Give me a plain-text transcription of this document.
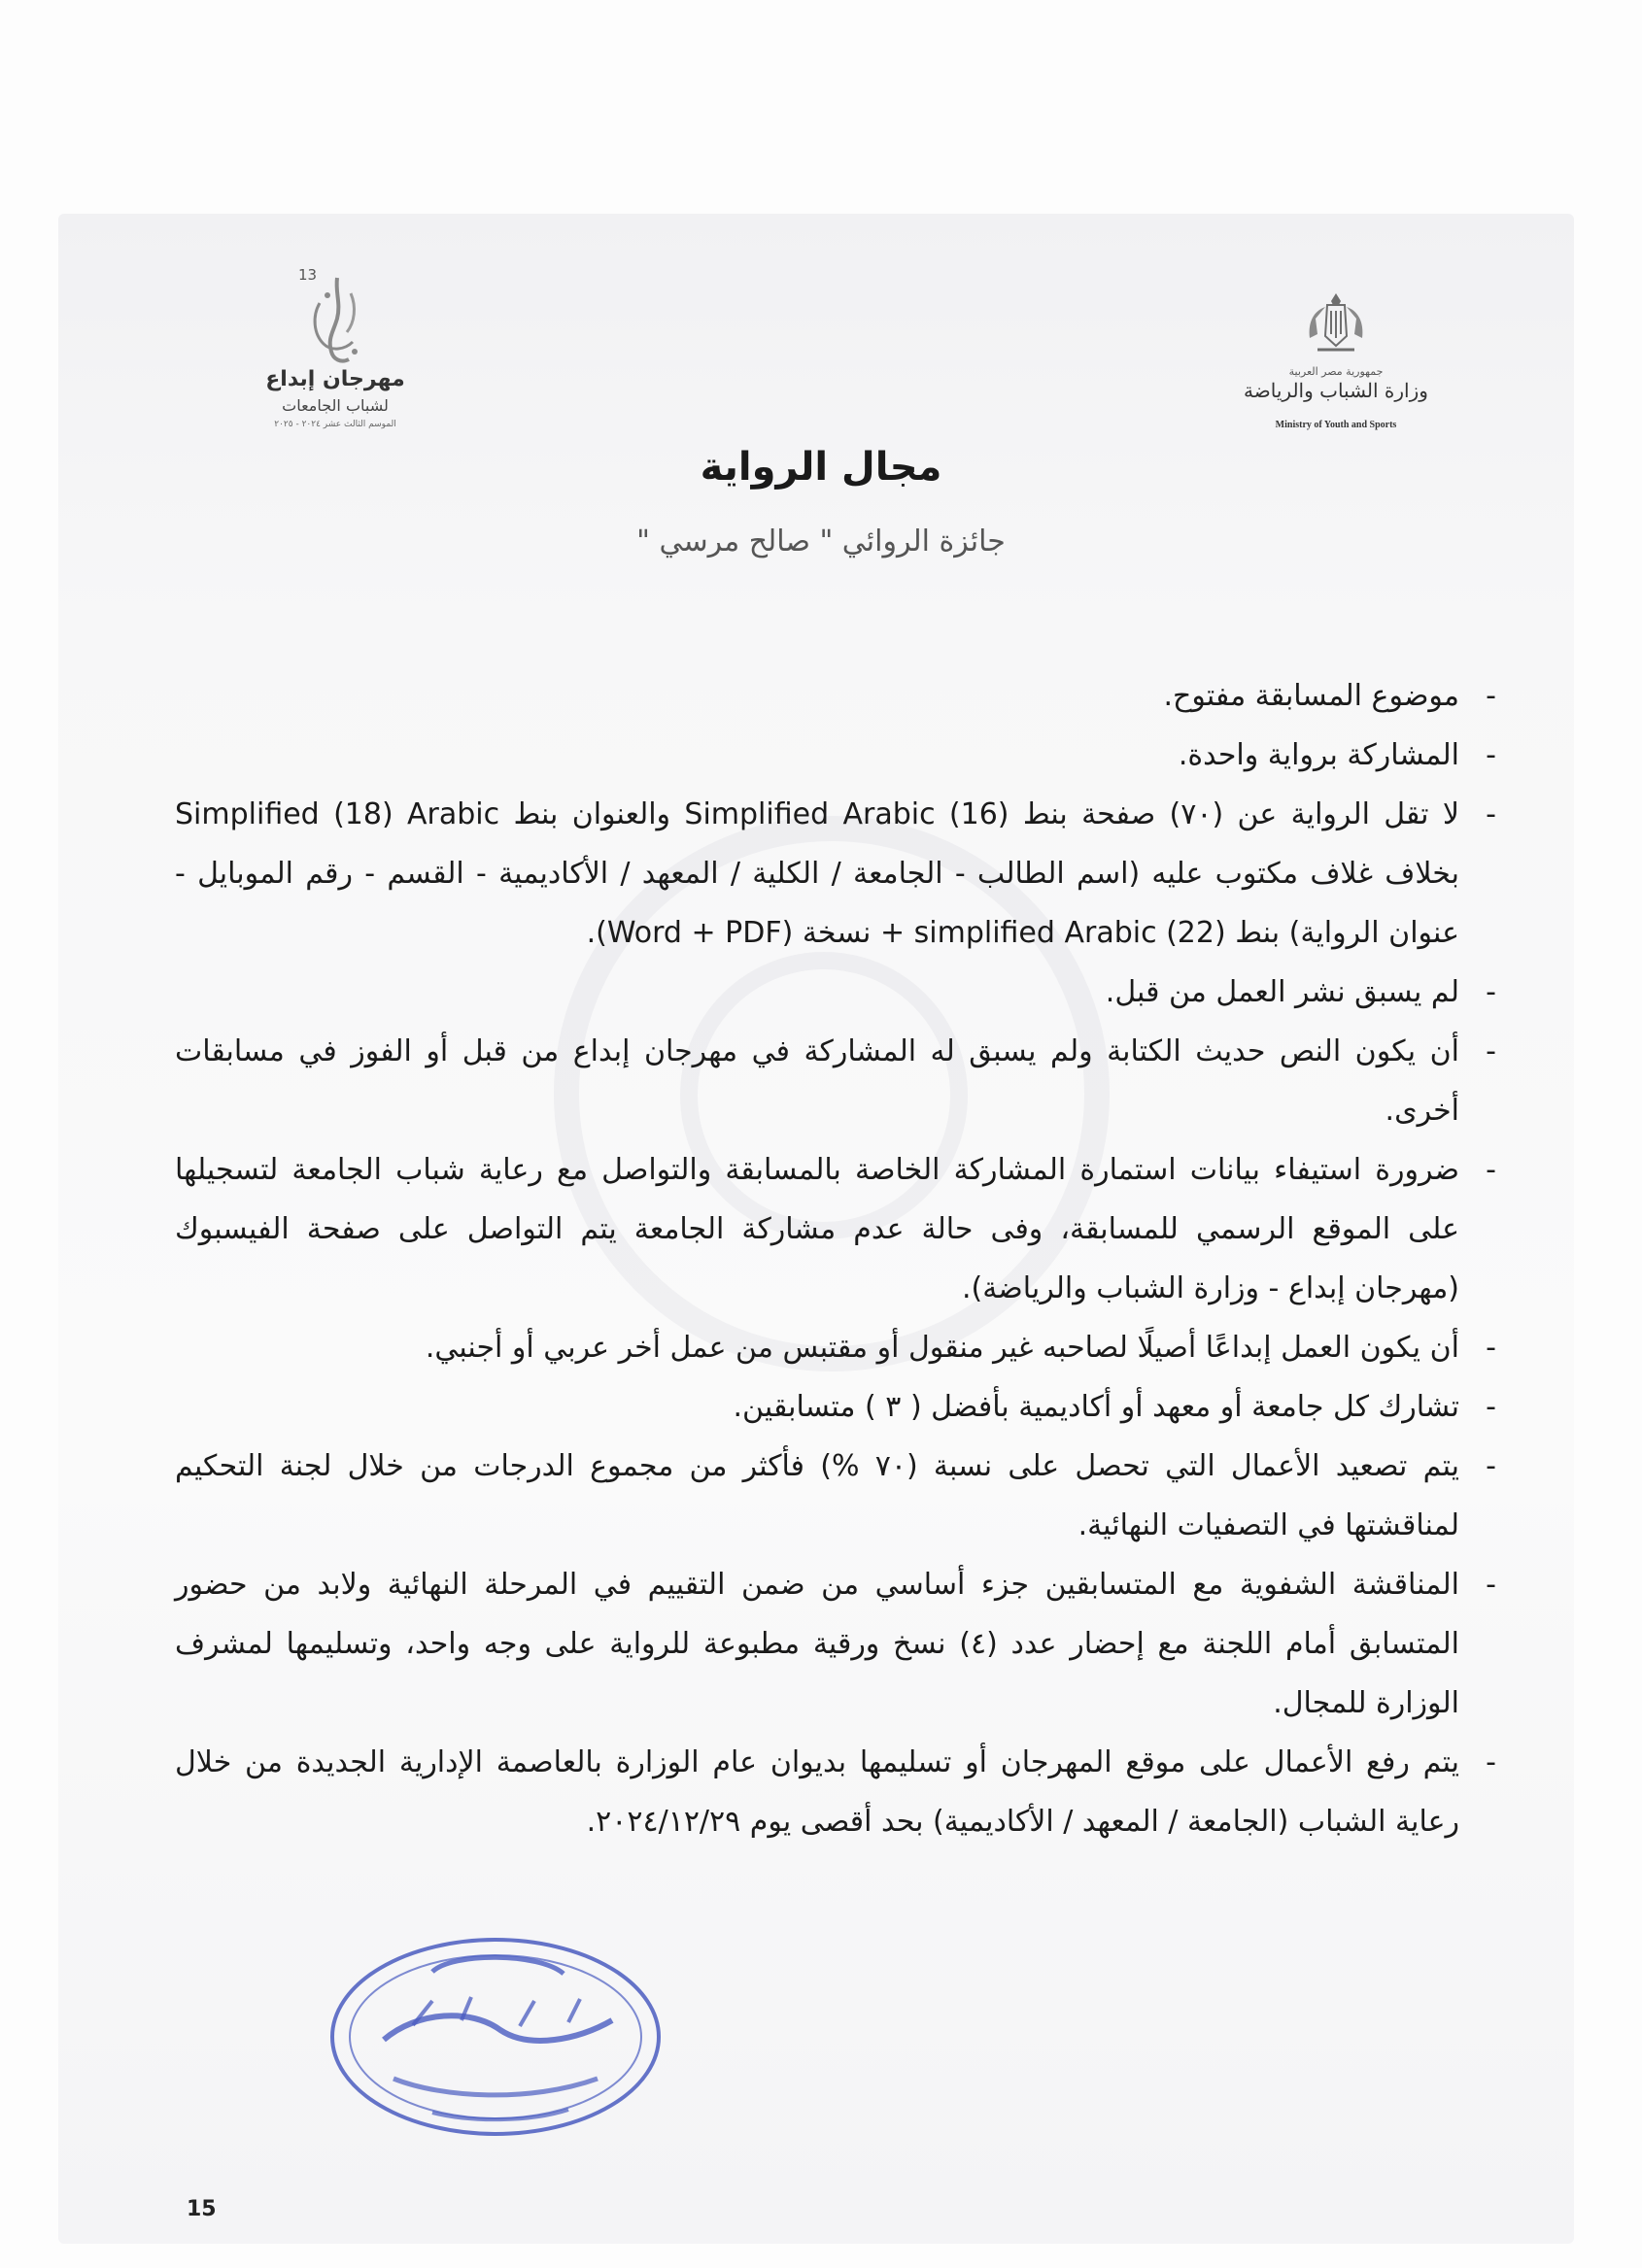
13
مهرجان إبداع
لشباب الجامعات
الموسم الثالث عشر ٢٠٢٤ - ٢٠٢٥
جمهورية مصر العربية
وزارة الشباب والرياضة
Ministry of Youth and Sports
مجال الرواية
جائزة الروائي " صالح مرسي "
-
موضوع المسابقة مفتوح.
-
المشاركة برواية واحدة.
-
لا تقل الرواية عن (٧٠) صفحة بنط Simplified Arabic (16) والعنوان بنط Simplified (18) Arabic بخلاف غلاف مكتوب عليه (اسم الطالب - الجامعة / الكلية / المعهد / الأكاديمية - القسم - رقم الموبايل - عنوان الرواية) بنط simplified Arabic (22) + نسخة (Word + PDF).
-
لم يسبق نشر العمل من قبل.
-
أن يكون النص حديث الكتابة ولم يسبق له المشاركة في مهرجان إبداع من قبل أو الفوز في مسابقات أخرى.
-
ضرورة استيفاء بيانات استمارة المشاركة الخاصة بالمسابقة والتواصل مع رعاية شباب الجامعة لتسجيلها على الموقع الرسمي للمسابقة، وفى حالة عدم مشاركة الجامعة يتم التواصل على صفحة الفيسبوك (مهرجان إبداع - وزارة الشباب والرياضة).
-
أن يكون العمل إبداعًا أصيلًا لصاحبه غير منقول أو مقتبس من عمل أخر عربي أو أجنبي.
-
تشارك كل جامعة أو معهد أو أكاديمية بأفضل ( ٣ ) متسابقين.
-
يتم تصعيد الأعمال التي تحصل على نسبة (٧٠ %) فأكثر من مجموع الدرجات من خلال لجنة التحكيم لمناقشتها في التصفيات النهائية.
-
المناقشة الشفوية مع المتسابقين جزء أساسي من ضمن التقييم في المرحلة النهائية ولابد من حضور المتسابق أمام اللجنة مع إحضار عدد (٤) نسخ ورقية مطبوعة للرواية على وجه واحد، وتسليمها لمشرف الوزارة للمجال.
-
يتم رفع الأعمال على موقع المهرجان أو تسليمها بديوان عام الوزارة بالعاصمة الإدارية الجديدة من خلال رعاية الشباب (الجامعة / المعهد / الأكاديمية) بحد أقصى يوم ٢٠٢٤/١٢/٢٩.
15
